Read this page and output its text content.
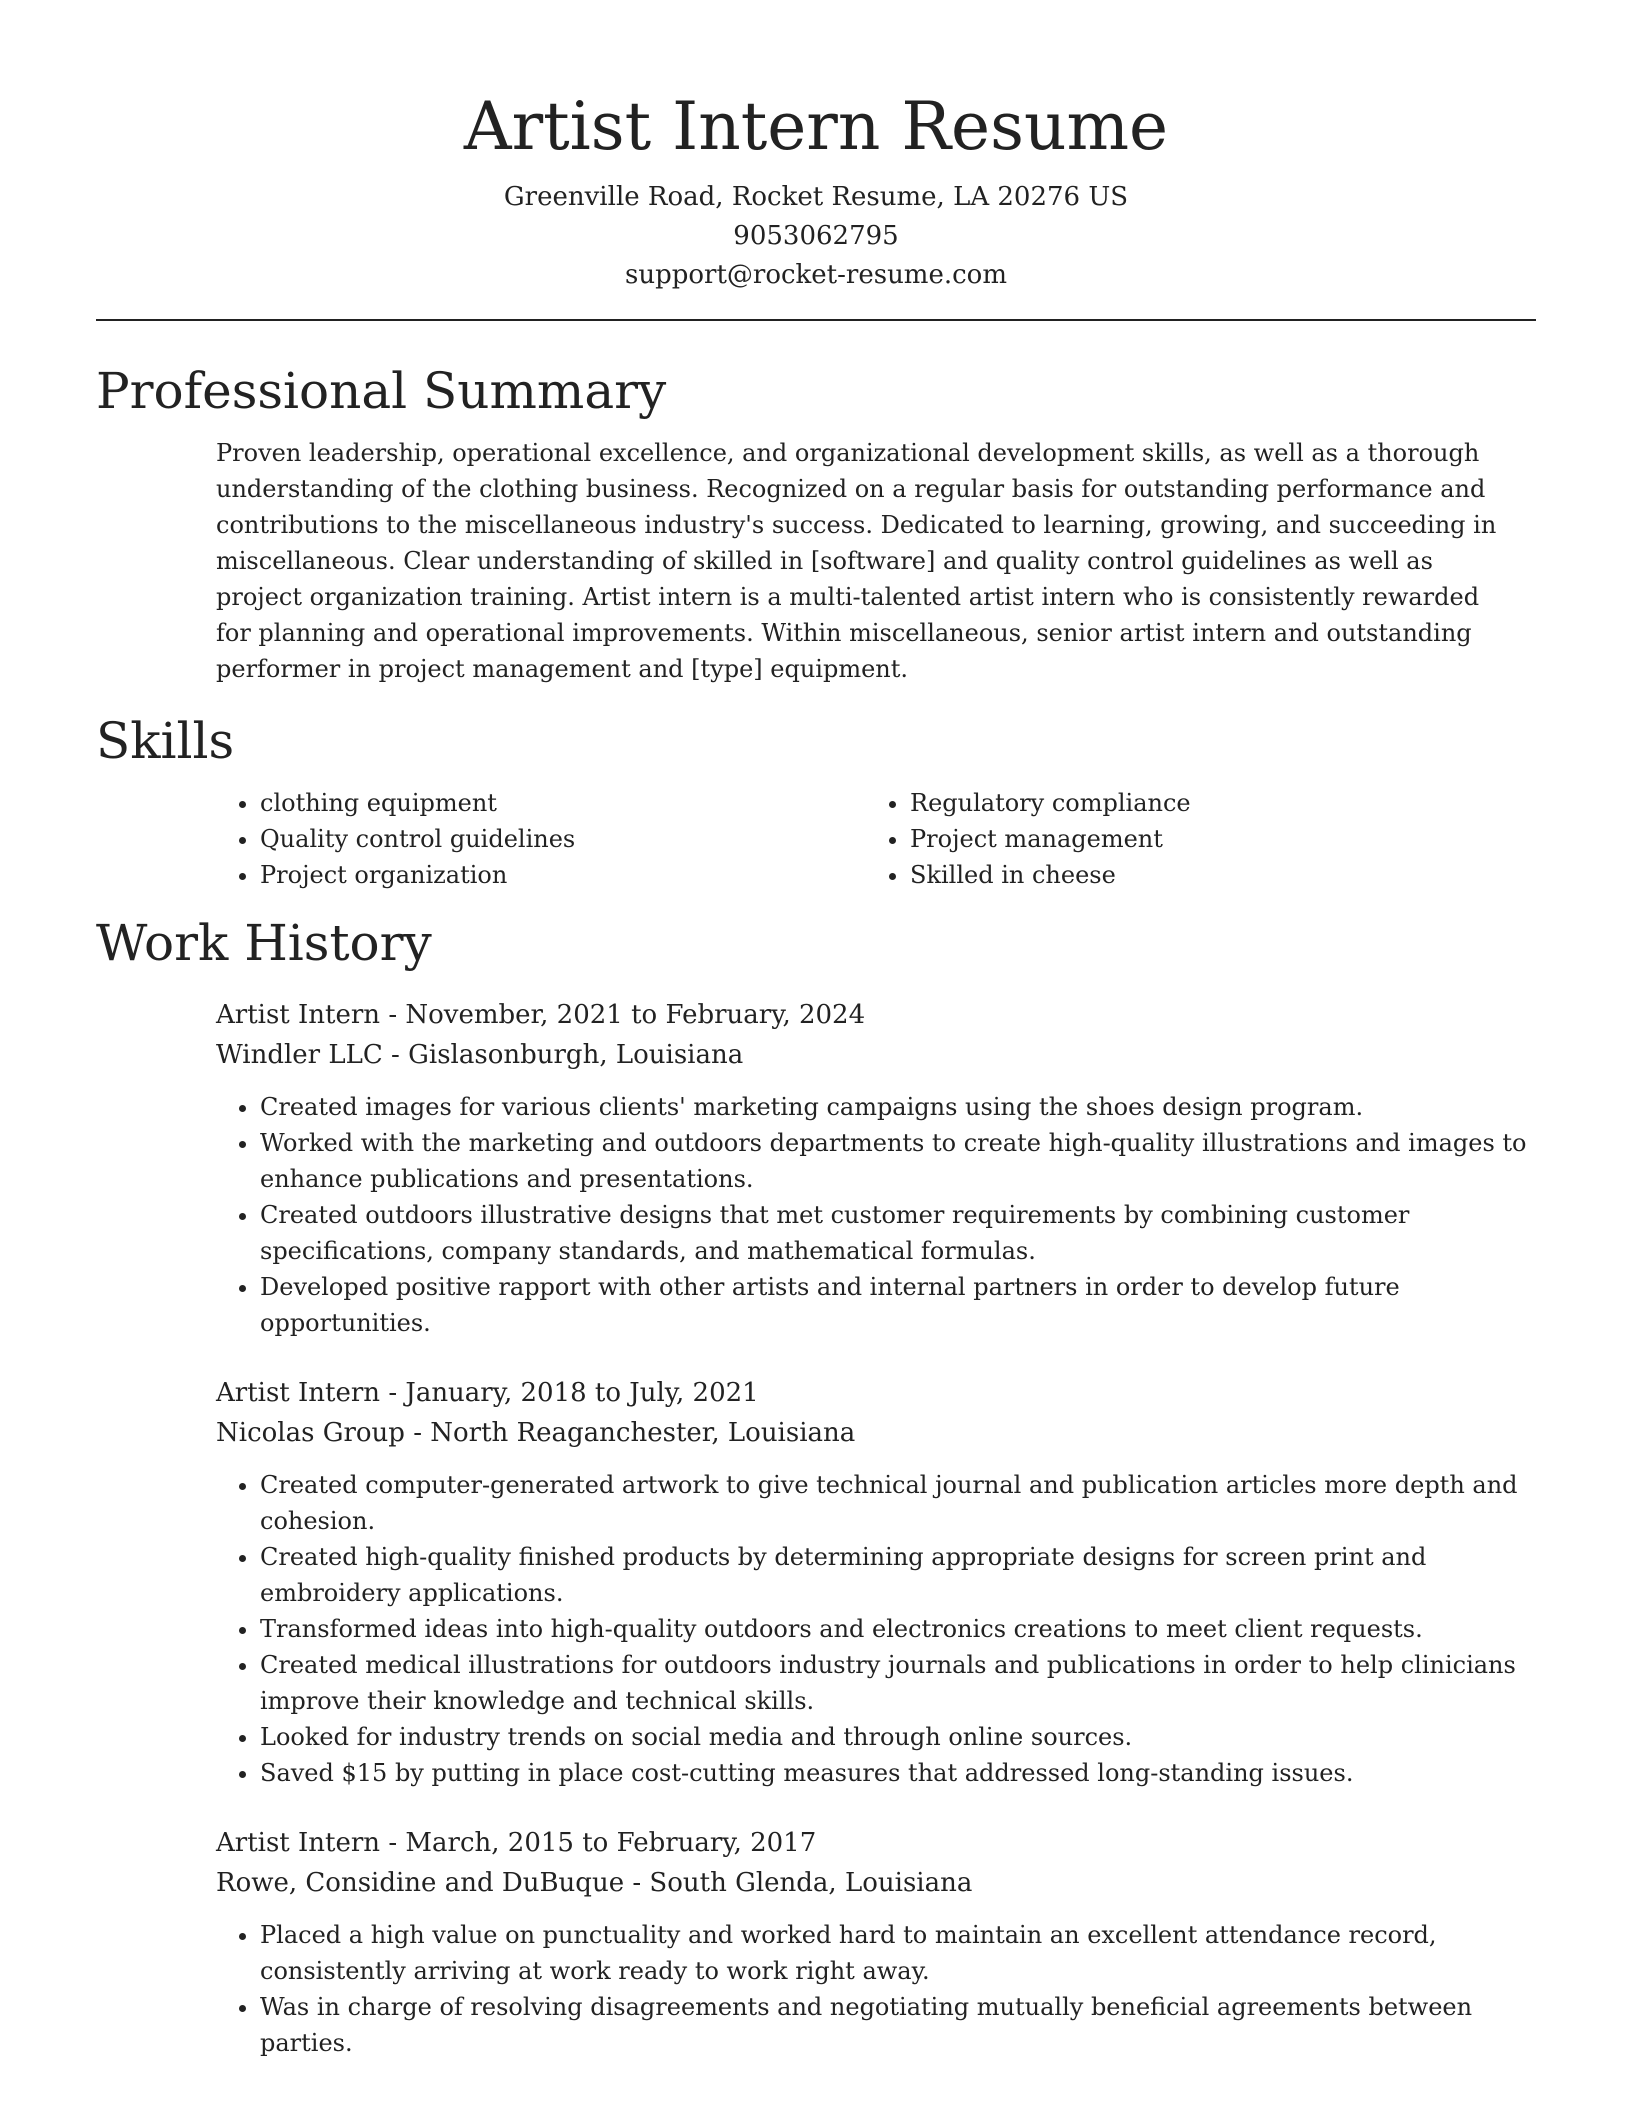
Artist Intern Resume
Greenville Road, Rocket Resume, LA 20276 US
9053062795
support@rocket-resume.com
Professional Summary

Proven leadership, operational excellence, and organizational development skills, as well as a thorough understanding of the clothing business. Recognized on a regular basis for outstanding performance and contributions to the miscellaneous industry's success. Dedicated to learning, growing, and succeeding in miscellaneous. Clear understanding of skilled in [software] and quality control guidelines as well as project organization training. Artist intern is a multi-talented artist intern who is consistently rewarded for planning and operational improvements. Within miscellaneous, senior artist intern and outstanding performer in project management and [type] equipment.

Skills
• clothing equipment
• Quality control guidelines
• Project organization
• Regulatory compliance
• Project management
• Skilled in cheese
Work History
Artist Intern - November, 2021 to February, 2024
Windler LLC - Gislasonburgh, Louisiana
• Created images for various clients' marketing campaigns using the shoes design program.
• Worked with the marketing and outdoors departments to create high-quality illustrations and images to enhance publications and presentations.
• Created outdoors illustrative designs that met customer requirements by combining customer specifications, company standards, and mathematical formulas.
• Developed positive rapport with other artists and internal partners in order to develop future opportunities.
Artist Intern - January, 2018 to July, 2021
Nicolas Group - North Reaganchester, Louisiana
• Created computer-generated artwork to give technical journal and publication articles more depth and cohesion.
• Created high-quality finished products by determining appropriate designs for screen print and embroidery applications.
• Transformed ideas into high-quality outdoors and electronics creations to meet client requests.
• Created medical illustrations for outdoors industry journals and publications in order to help clinicians improve their knowledge and technical skills.
• Looked for industry trends on social media and through online sources.
• Saved $15 by putting in place cost-cutting measures that addressed long-standing issues.
Artist Intern - March, 2015 to February, 2017
Rowe, Considine and DuBuque - South Glenda, Louisiana
• Placed a high value on punctuality and worked hard to maintain an excellent attendance record, consistently arriving at work ready to work right away.
• Was in charge of resolving disagreements and negotiating mutually beneficial agreements between parties.
